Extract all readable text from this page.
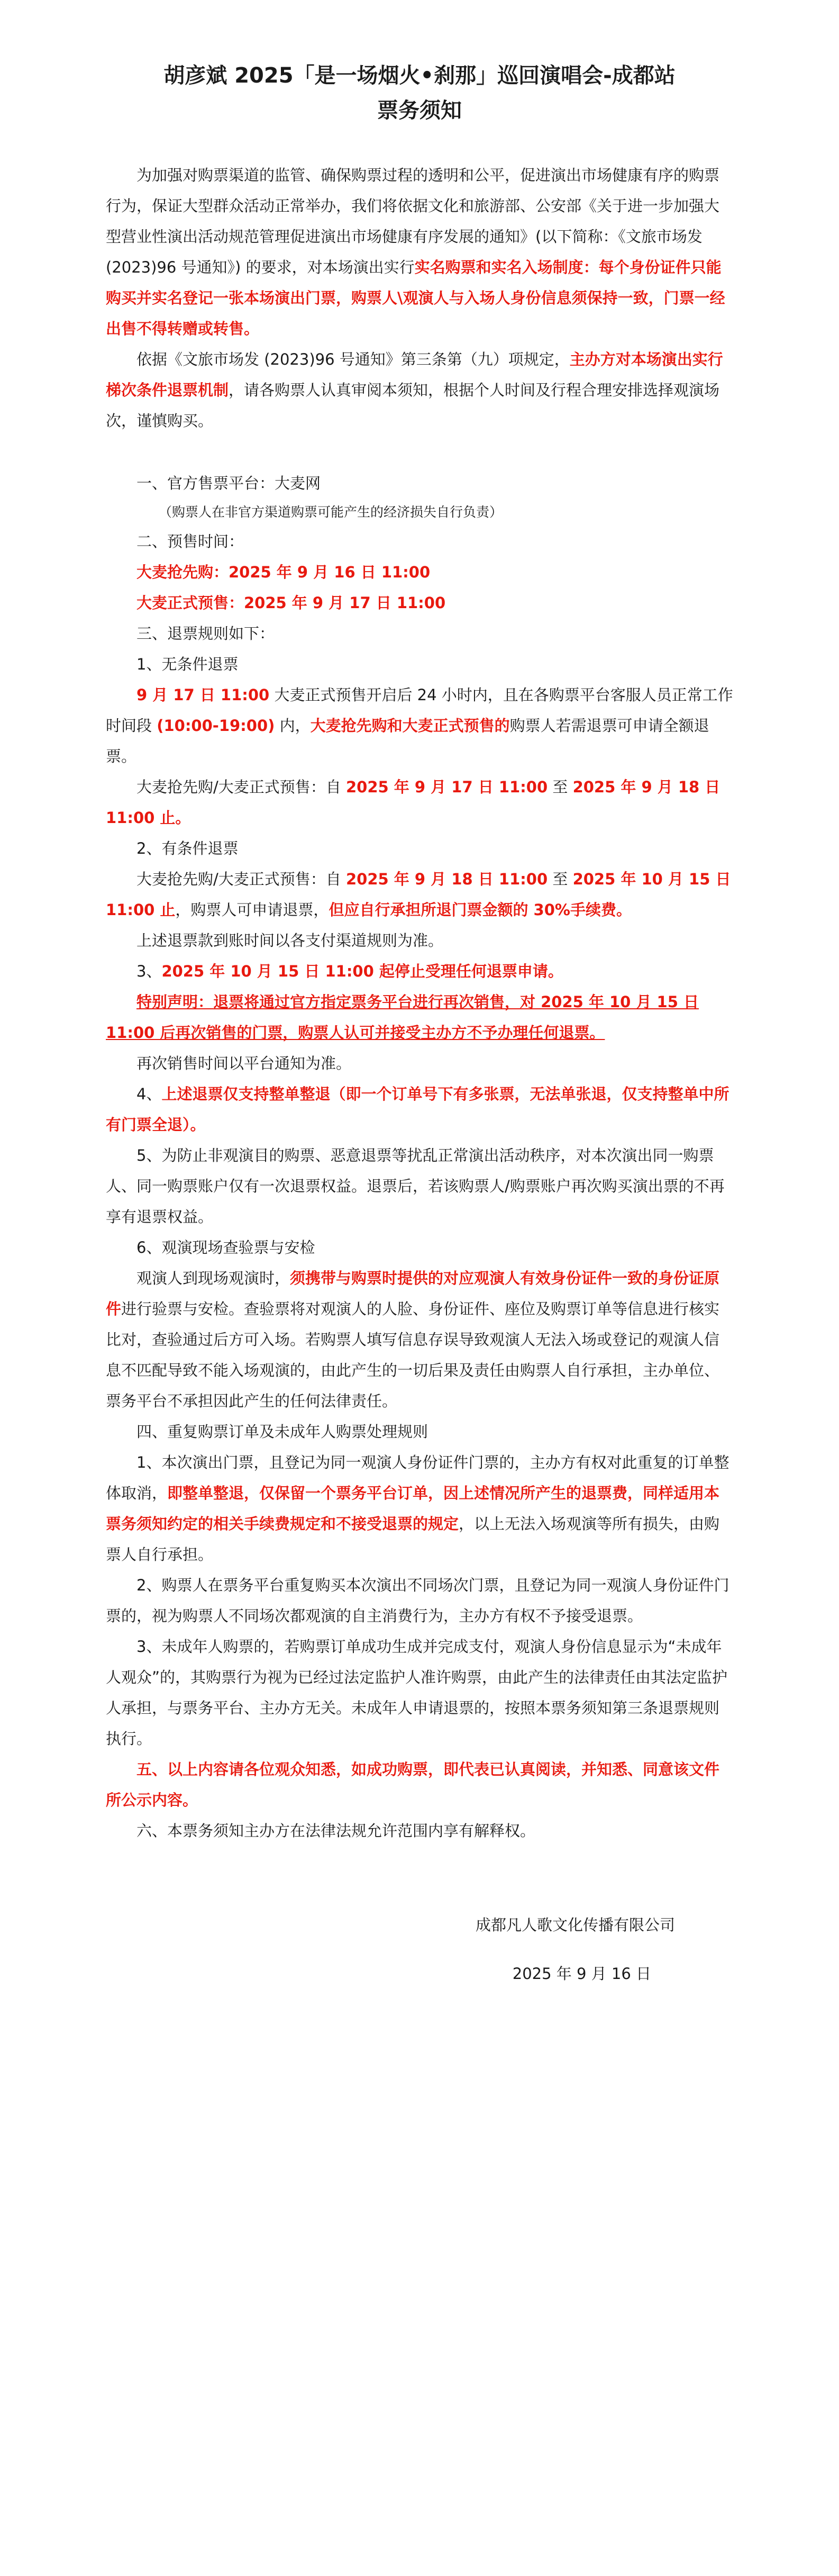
胡彦斌 2025「是一场烟火•刹那」巡回演唱会-成都站

票务须知

为加强对购票渠道的监管、确保购票过程的透明和公平，促进演出市场健康有序的购票行为，保证大型群众活动正常举办，我们将依据文化和旅游部、公安部《关于进一步加强大型营业性演出活动规范管理促进演出市场健康有序发展的通知》(以下简称：《文旅市场发 (2023)96 号通知》) 的要求，对本场演出实行实名购票和实名入场制度：每个身份证件只能购买并实名登记一张本场演出门票，购票人\观演人与入场人身份信息须保持一致，门票一经出售不得转赠或转售。

依据《文旅市场发 (2023)96 号通知》第三条第（九）项规定，主办方对本场演出实行梯次条件退票机制，请各购票人认真审阅本须知，根据个人时间及行程合理安排选择观演场次，谨慎购买。

一、官方售票平台：大麦网

（购票人在非官方渠道购票可能产生的经济损失自行负责）

二、预售时间：

大麦抢先购：2025 年 9 月 16 日 11:00

大麦正式预售：2025 年 9 月 17 日 11:00

三、退票规则如下：

1、无条件退票

9 月 17 日 11:00 大麦正式预售开启后 24 小时内，且在各购票平台客服人员正常工作时间段 (10:00-19:00) 内，大麦抢先购和大麦正式预售的购票人若需退票可申请全额退票。

大麦抢先购/大麦正式预售：自 2025 年 9 月 17 日 11:00 至 2025 年 9 月 18 日 11:00 止。

2、有条件退票

大麦抢先购/大麦正式预售：自 2025 年 9 月 18 日 11:00 至 2025 年 10 月 15 日 11:00 止，购票人可申请退票，但应自行承担所退门票金额的 30%手续费。

上述退票款到账时间以各支付渠道规则为准。

3、2025 年 10 月 15 日 11:00 起停止受理任何退票申请。

特别声明：退票将通过官方指定票务平台进行再次销售，对 2025 年 10 月 15 日 11:00 后再次销售的门票，购票人认可并接受主办方不予办理任何退票。

再次销售时间以平台通知为准。

4、上述退票仅支持整单整退（即一个订单号下有多张票，无法单张退，仅支持整单中所有门票全退）。

5、为防止非观演目的购票、恶意退票等扰乱正常演出活动秩序，对本次演出同一购票人、同一购票账户仅有一次退票权益。退票后，若该购票人/购票账户再次购买演出票的不再享有退票权益。

6、观演现场查验票与安检

观演人到现场观演时，须携带与购票时提供的对应观演人有效身份证件一致的身份证原件进行验票与安检。查验票将对观演人的人脸、身份证件、座位及购票订单等信息进行核实比对，查验通过后方可入场。若购票人填写信息存误导致观演人无法入场或登记的观演人信息不匹配导致不能入场观演的，由此产生的一切后果及责任由购票人自行承担，主办单位、票务平台不承担因此产生的任何法律责任。

四、重复购票订单及未成年人购票处理规则

1、本次演出门票，且登记为同一观演人身份证件门票的，主办方有权对此重复的订单整体取消，即整单整退，仅保留一个票务平台订单，因上述情况所产生的退票费，同样适用本票务须知约定的相关手续费规定和不接受退票的规定，以上无法入场观演等所有损失，由购票人自行承担。

2、购票人在票务平台重复购买本次演出不同场次门票，且登记为同一观演人身份证件门票的，视为购票人不同场次都观演的自主消费行为，主办方有权不予接受退票。

3、未成年人购票的，若购票订单成功生成并完成支付，观演人身份信息显示为“未成年人观众”的，其购票行为视为已经过法定监护人准许购票，由此产生的法律责任由其法定监护人承担，与票务平台、主办方无关。未成年人申请退票的，按照本票务须知第三条退票规则执行。

五、以上内容请各位观众知悉，如成功购票，即代表已认真阅读，并知悉、同意该文件所公示内容。

六、本票务须知主办方在法律法规允许范围内享有解释权。

成都凡人歌文化传播有限公司

2025 年 9 月 16 日
